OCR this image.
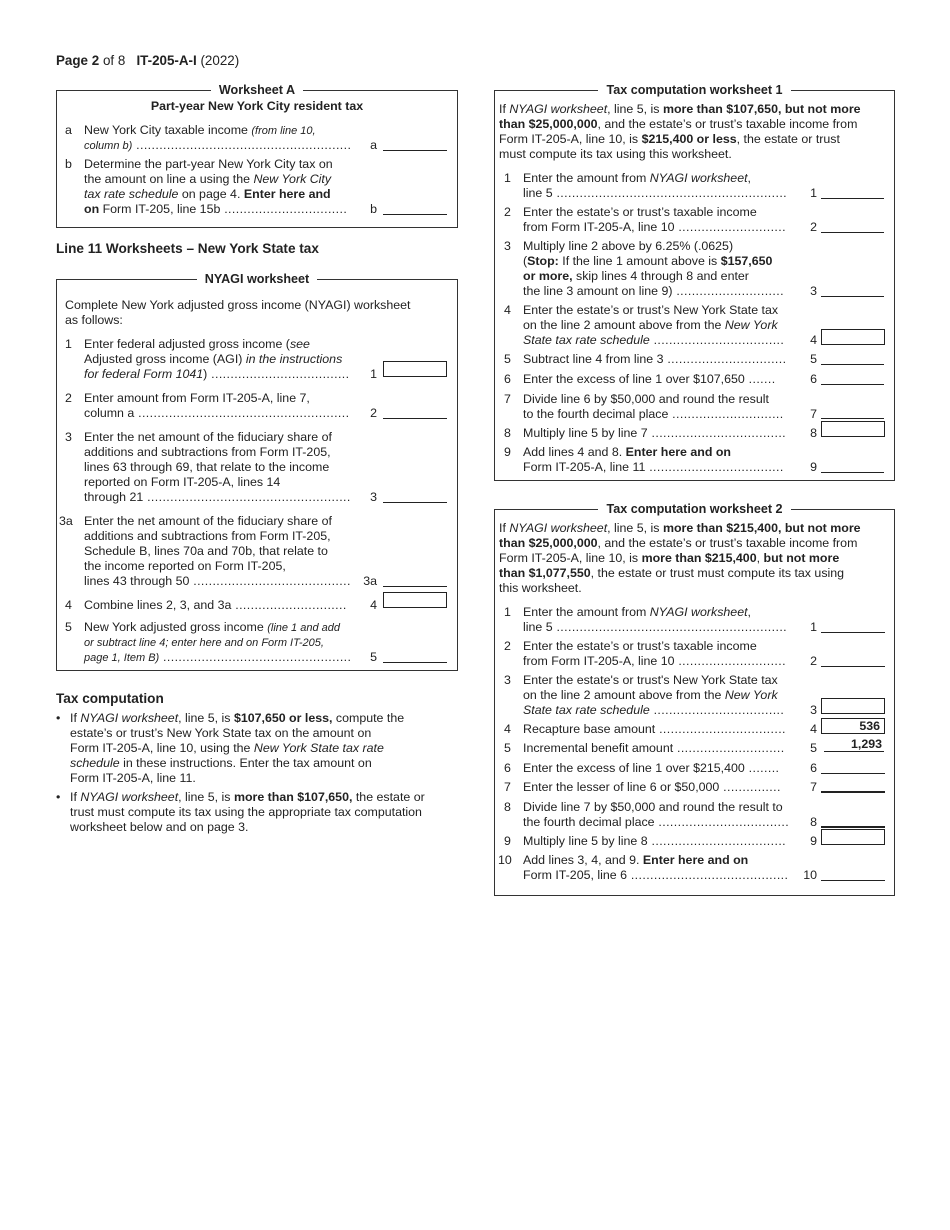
Page 2 of 8 IT-205-A-I (2022)
Worksheet A
Part-year New York City resident tax
a New York City taxable income (from line 10,
column b) ........................................................	a
b Determine the part-year New York City tax on
the amount on line a using the New York City
tax rate schedule on page 4. Enter here and
on Form IT-205, line 15b ................................	b
Line 11 Worksheets – New York State tax
NYAGI worksheet
Complete New York adjusted gross income (NYAGI) worksheet
as follows:
1 Enter federal adjusted gross income (see
Adjusted gross income (AGI) in the instructions
for federal Form 1041) ....................................	1
2 Enter amount from Form IT-205-A, line 7,
column a .......................................................	2
3 Enter the net amount of the fiduciary share of
additions and subtractions from Form IT-205,
lines 63 through 69, that relate to the income
reported on Form IT-205-A, lines 14
through 21 .....................................................	3
3a Enter the net amount of the fiduciary share of
additions and subtractions from Form IT-205,
Schedule B, lines 70a and 70b, that relate to
the income reported on Form IT-205,
lines 43 through 50 .........................................	3a
4 Combine lines 2, 3, and 3a .............................	4
5 New York adjusted gross income (line 1 and add
or subtract line 4; enter here and on Form IT-205,
page 1, Item B) .................................................	5
Tax computation
• If NYAGI worksheet, line 5, is $107,650 or less, compute the
estate’s or trust’s New York State tax on the amount on
Form IT-205-A, line 10, using the New York State tax rate
schedule in these instructions. Enter the tax amount on
Form IT-205-A, line 11.
• If NYAGI worksheet, line 5, is more than $107,650, the estate or
trust must compute its tax using the appropriate tax computation
worksheet below and on page 3.
Tax computation worksheet 1
If NYAGI worksheet, line 5, is more than $107,650, but not more
than $25,000,000, and the estate’s or trust’s taxable income from
Form IT-205-A, line 10, is $215,400 or less, the estate or trust
must compute its tax using this worksheet.
1 Enter the amount from NYAGI worksheet,
line 5 ............................................................	1
2 Enter the estate’s or trust’s taxable income
from Form IT-205-A, line 10 ............................	2
3 Multiply line 2 above by 6.25% (.0625)
(Stop: If the line 1 amount above is $157,650
or more, skip lines 4 through 8 and enter
the line 3 amount on line 9) ............................	3
4 Enter the estate’s or trust’s New York State tax
on the line 2 amount above from the New York
State tax rate schedule ..................................	4
5 Subtract line 4 from line 3 ...............................	5
6 Enter the excess of line 1 over $107,650 .......	6
7 Divide line 6 by $50,000 and round the result
to the fourth decimal place .............................	7
8 Multiply line 5 by line 7 ...................................	8
9 Add lines 4 and 8. Enter here and on
Form IT-205-A, line 11 ...................................	9
Tax computation worksheet 2
If NYAGI worksheet, line 5, is more than $215,400, but not more
than $25,000,000, and the estate’s or trust’s taxable income from
Form IT-205-A, line 10, is more than $215,400, but not more
than $1,077,550, the estate or trust must compute its tax using
this worksheet.
1 Enter the amount from NYAGI worksheet,
line 5 ............................................................	1
2 Enter the estate’s or trust’s taxable income
from Form IT-205-A, line 10 ............................	2
3 Enter the estate's or trust's New York State tax
on the line 2 amount above from the New York
State tax rate schedule ..................................	3
4 Recapture base amount .................................	4	536
5 Incremental benefit amount ............................	5	1,293
6 Enter the excess of line 1 over $215,400 ........	6
7 Enter the lesser of line 6 or $50,000 ...............	7
8 Divide line 7 by $50,000 and round the result to
the fourth decimal place ..................................	8
9 Multiply line 5 by line 8 ...................................	9
10 Add lines 3, 4, and 9. Enter here and on
Form IT-205, line 6 .........................................	10
